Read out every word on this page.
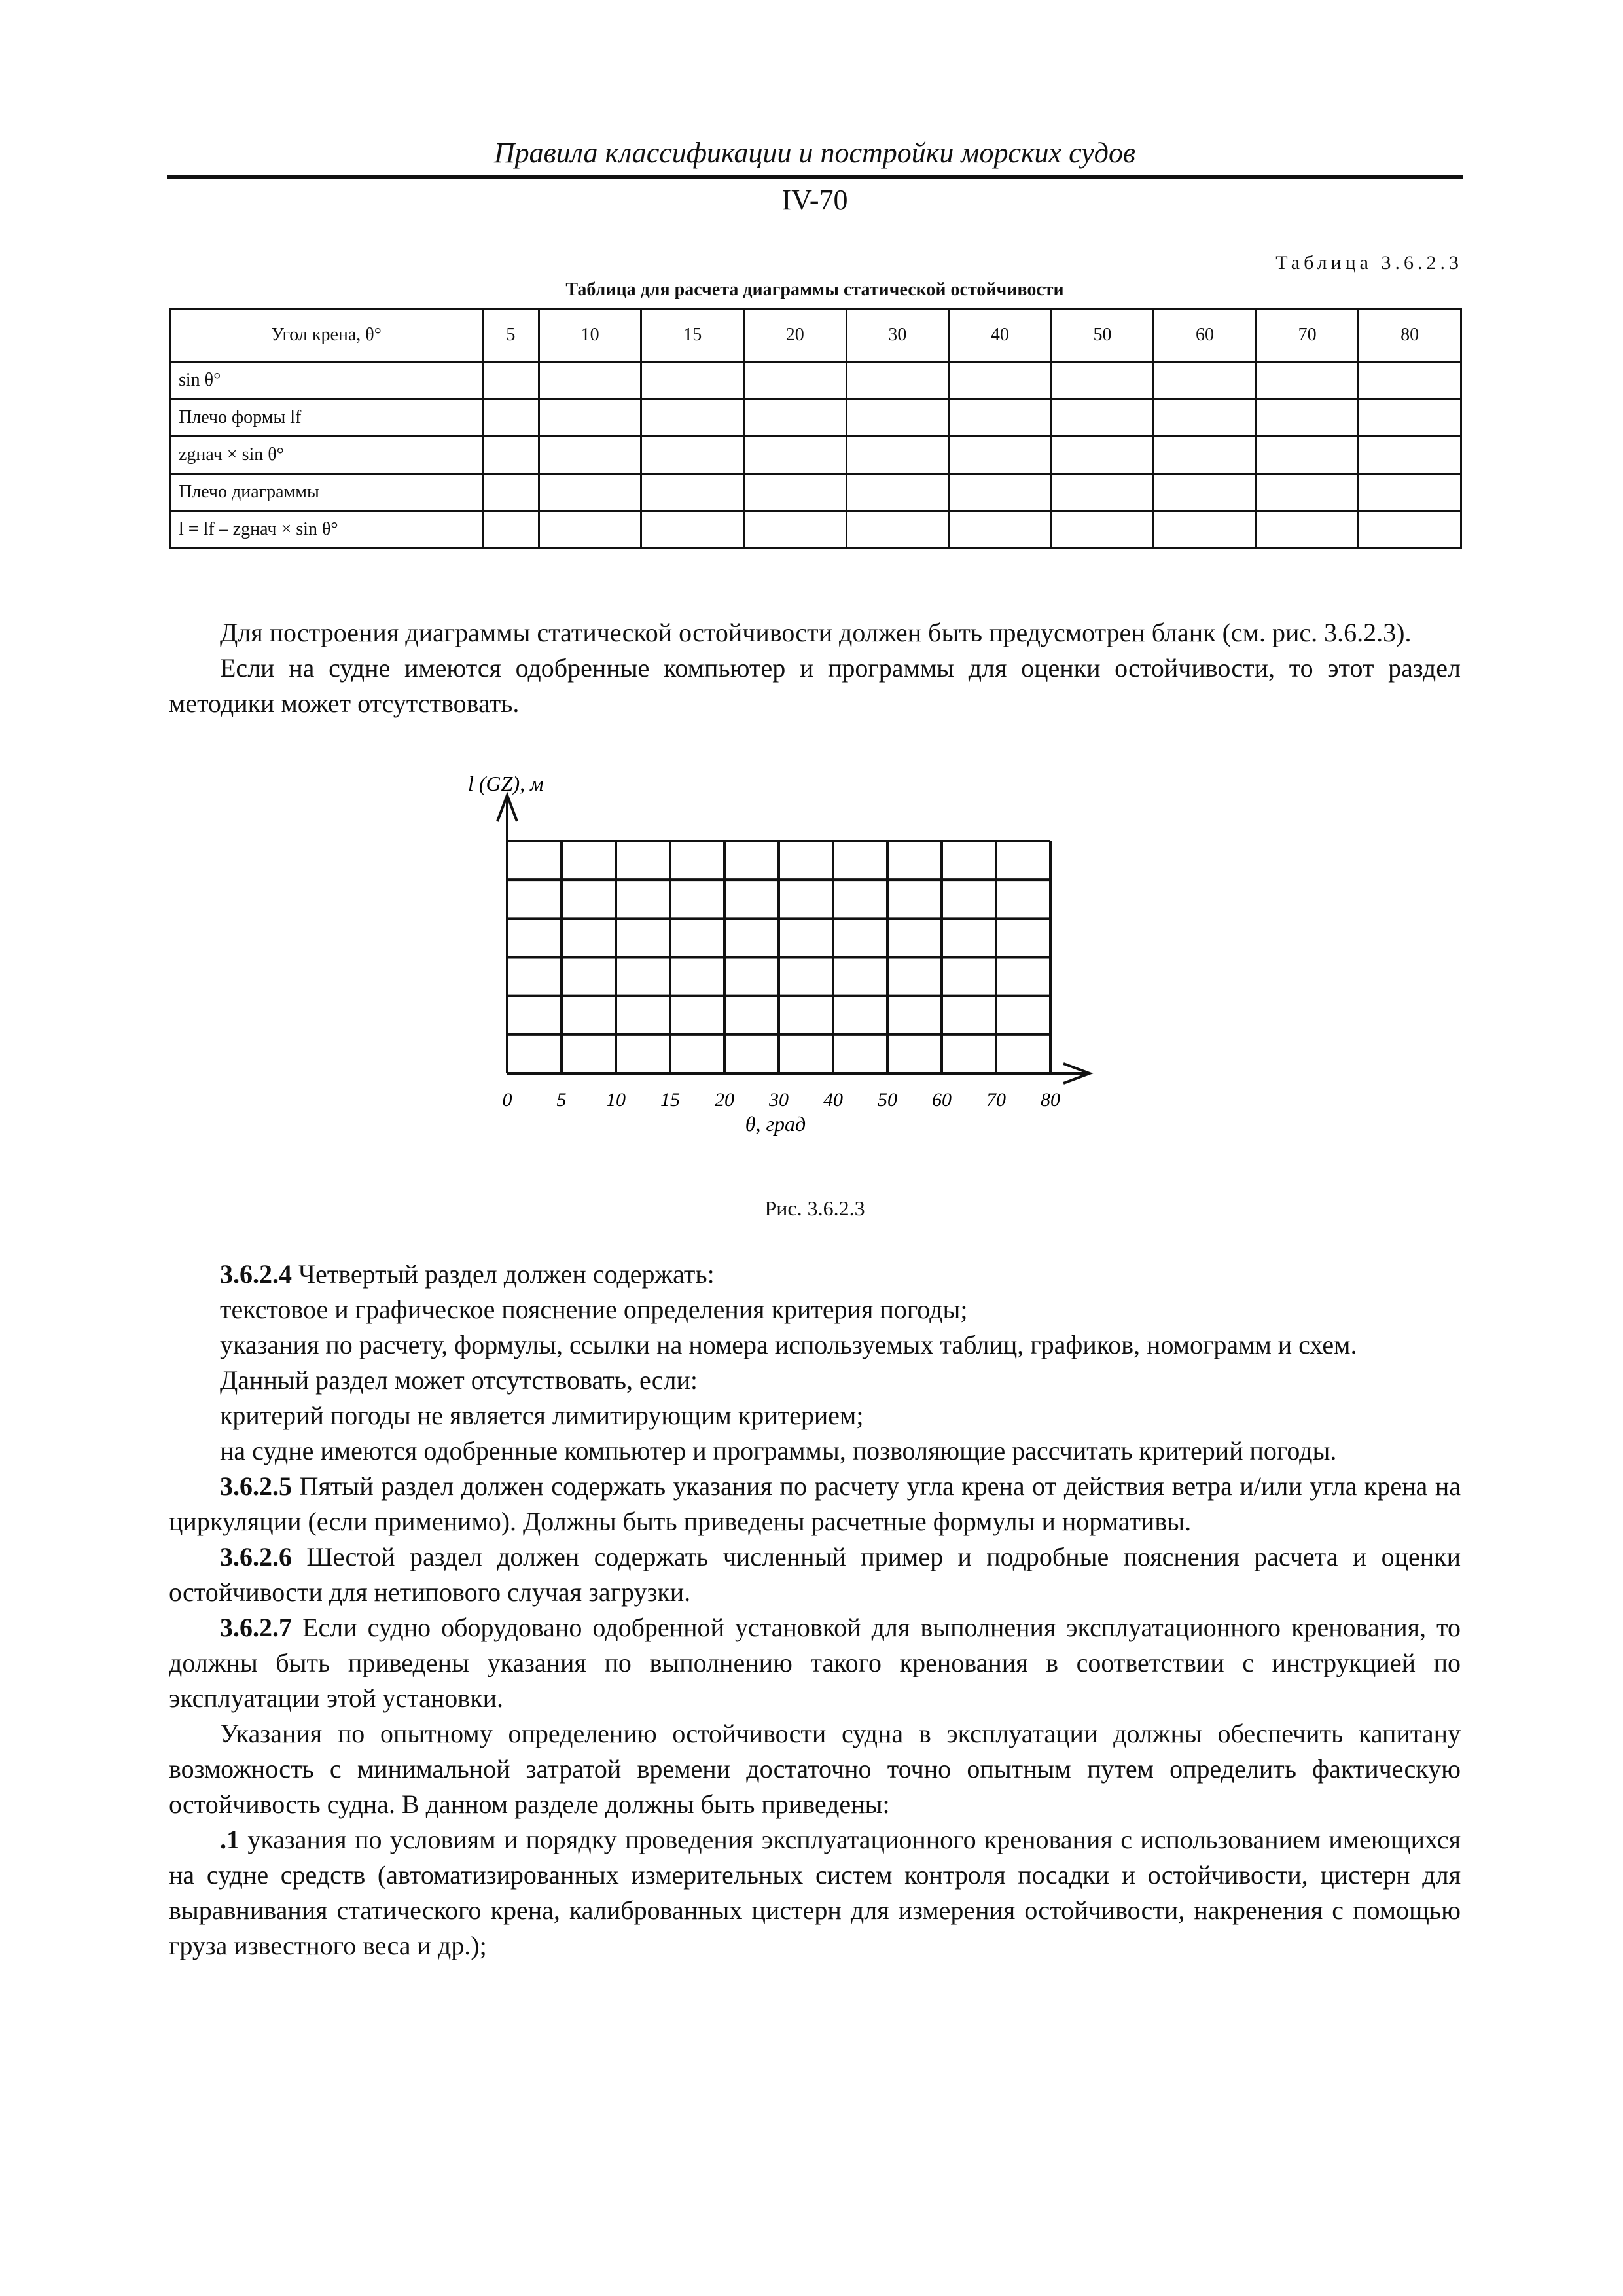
Правила классификации и постройки морских судов
IV-70
Таблица 3.6.2.3
Таблица для расчета диаграммы статической остойчивости
Угол крена, θ°	5	10	15	20	30	40	50	60	70	80
sin θ°										
Плечо формы lf										
zgнач × sin θ°										
Плечо диаграммы										
l = lf – zgнач × sin θ°										

Для построения диаграммы статической остойчивости должен быть предусмотрен бланк (см. рис. 3.6.2.3).

Если на судне имеются одобренные компьютер и программы для оценки остойчивости, то этот раздел методики может отсутствовать.

l (GZ), м
θ, град
0 5 10 15 20 30 40 50 60 70 80
Рис. 3.6.2.3

3.6.2.4 Четвертый раздел должен содержать:

текстовое и графическое пояснение определения критерия погоды;

указания по расчету, формулы, ссылки на номера используемых таблиц, графиков, номограмм и схем.

Данный раздел может отсутствовать, если:

критерий погоды не является лимитирующим критерием;

на судне имеются одобренные компьютер и программы, позволяющие рассчитать критерий погоды.

3.6.2.5 Пятый раздел должен содержать указания по расчету угла крена от действия ветра и/или угла крена на циркуляции (если применимо). Должны быть приведены расчетные формулы и нормативы.

3.6.2.6 Шестой раздел должен содержать численный пример и подробные пояснения расчета и оценки остойчивости для нетипового случая загрузки.

3.6.2.7 Если судно оборудовано одобренной установкой для выполнения эксплуатационного кренования, то должны быть приведены указания по выполнению такого кренования в соответствии с инструкцией по эксплуатации этой установки.

Указания по опытному определению остойчивости судна в эксплуатации должны обеспечить капитану возможность с минимальной затратой времени достаточно точно опытным путем определить фактическую остойчивость судна. В данном разделе должны быть приведены:

.1 указания по условиям и порядку проведения эксплуатационного кренования с использованием имеющихся на судне средств (автоматизированных измерительных систем контроля посадки и остойчивости, цистерн для выравнивания статического крена, калиброванных цистерн для измерения остойчивости, накренения с помощью груза известного веса и др.);
